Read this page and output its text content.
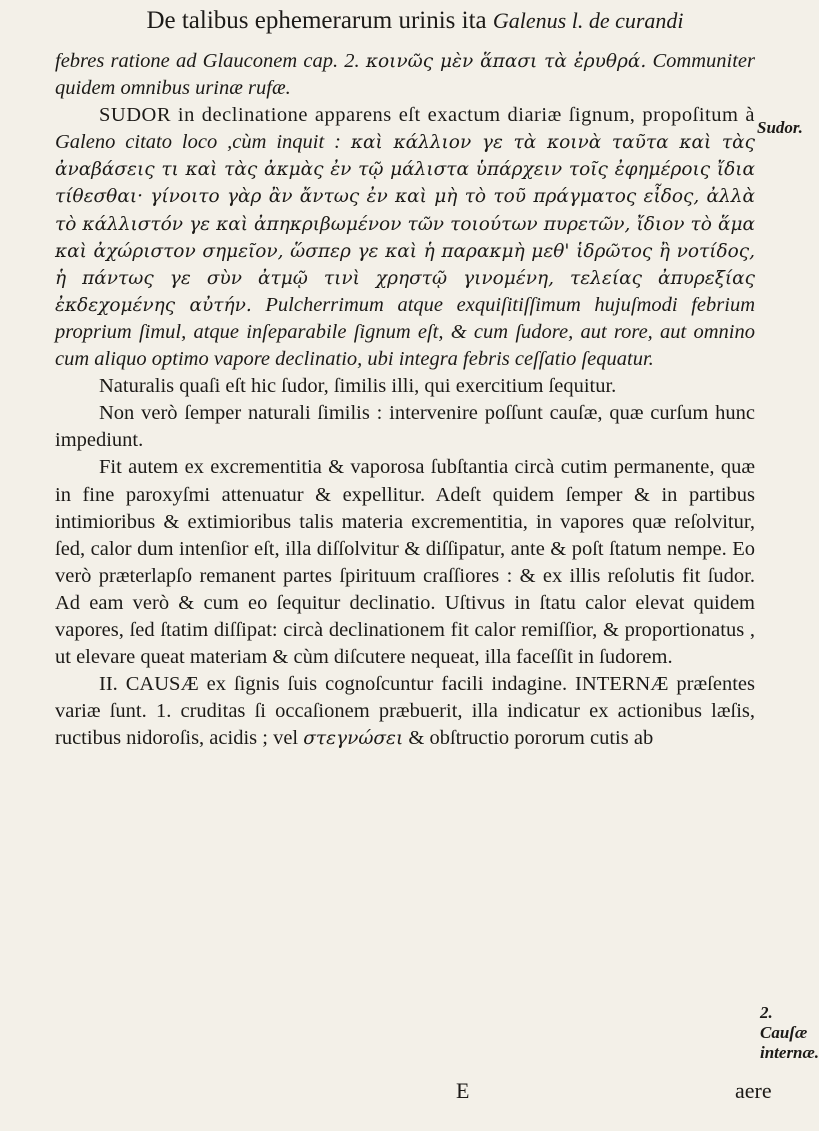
De talibus ephemerarum urinis ita Galenus l. de curandi

febres ratione ad Glauconem cap. 2. κοινῶς μὲν ἅπασι τὰ ἐρυθρά. Communiter quidem omnibus urinæ rufæ.

SUDOR in declinatione apparens eſt exactum diariæ ſignum, propoſitum à Galeno citato loco ,cùm inquit : καὶ κάλλιον γε τὰ κοινὰ ταῦτα καὶ τὰς ἀναβάσεις τι καὶ τὰς ἀκμὰς ἐν τῷ μάλιστα ὑπάρχειν τοῖς ἐφημέροις ἴδια τίθεσθαι· γίνοιτο γὰρ ἂν ἄντως ἐν καὶ μὴ τὸ τοῦ πράγματος εἶδος, ἀλλὰ τὸ κάλλιστόν γε καὶ ἀπηκριβωμένον τῶν τοιούτων πυρετῶν, ἴδιον τὸ ἅμα καὶ ἀχώριστον σημεῖον, ὥσπερ γε καὶ ἡ παρακμὴ μεθ' ἱδρῶτος ἢ νοτίδος, ἡ πάντως γε σὺν ἀτμῷ τινὶ χρηστῷ γινομένη, τελείας ἀπυρεξίας ἐκδεχομένης αὐτήν. Pulcherrimum atque exquiſitiſſimum hujuſmodi febrium proprium ſimul, atque inſeparabile ſignum eſt, & cum ſudore, aut rore, aut omnino cum aliquo optimo vapore declinatio, ubi integra febris ceſſatio ſequatur.

Naturalis quaſi eſt hic ſudor, ſimilis illi, qui exercitium ſequitur.

Non verò ſemper naturali ſimilis : intervenire poſſunt cauſæ, quæ curſum hunc impediunt.

Fit autem ex excrementitia & vaporosa ſubſtantia circà cutim permanente, quæ in fine paroxyſmi attenuatur & expellitur. Adeſt quidem ſemper & in partibus intimioribus & extimioribus talis materia excrementitia, in vapores quæ reſolvitur, ſed, calor dum intenſior eſt, illa diſſolvitur & diſſipatur, ante & poſt ſtatum nempe. Eo verò præterlapſo remanent partes ſpirituum craſſiores : & ex illis reſolutis fit ſudor. Ad eam verò & cum eo ſequitur declinatio. Uſtivus in ſtatu calor elevat quidem vapores, ſed ſtatim diſſipat: circà declinationem fit calor remiſſior, & proportionatus , ut elevare queat materiam & cùm diſcutere nequeat, illa faceſſit in ſudorem.

II. CAUSÆ ex ſignis ſuis cognoſcuntur facili indagine. INTERNÆ præſentes variæ ſunt. 1. cruditas ſi occaſionem præbuerit, illa indicatur ex actionibus læſis, ructibus nidoroſis, acidis ; vel στεγνώσει & obſtructio pororum cutis ab

Sudor.
2. Cauſæ internæ.
E	aere
